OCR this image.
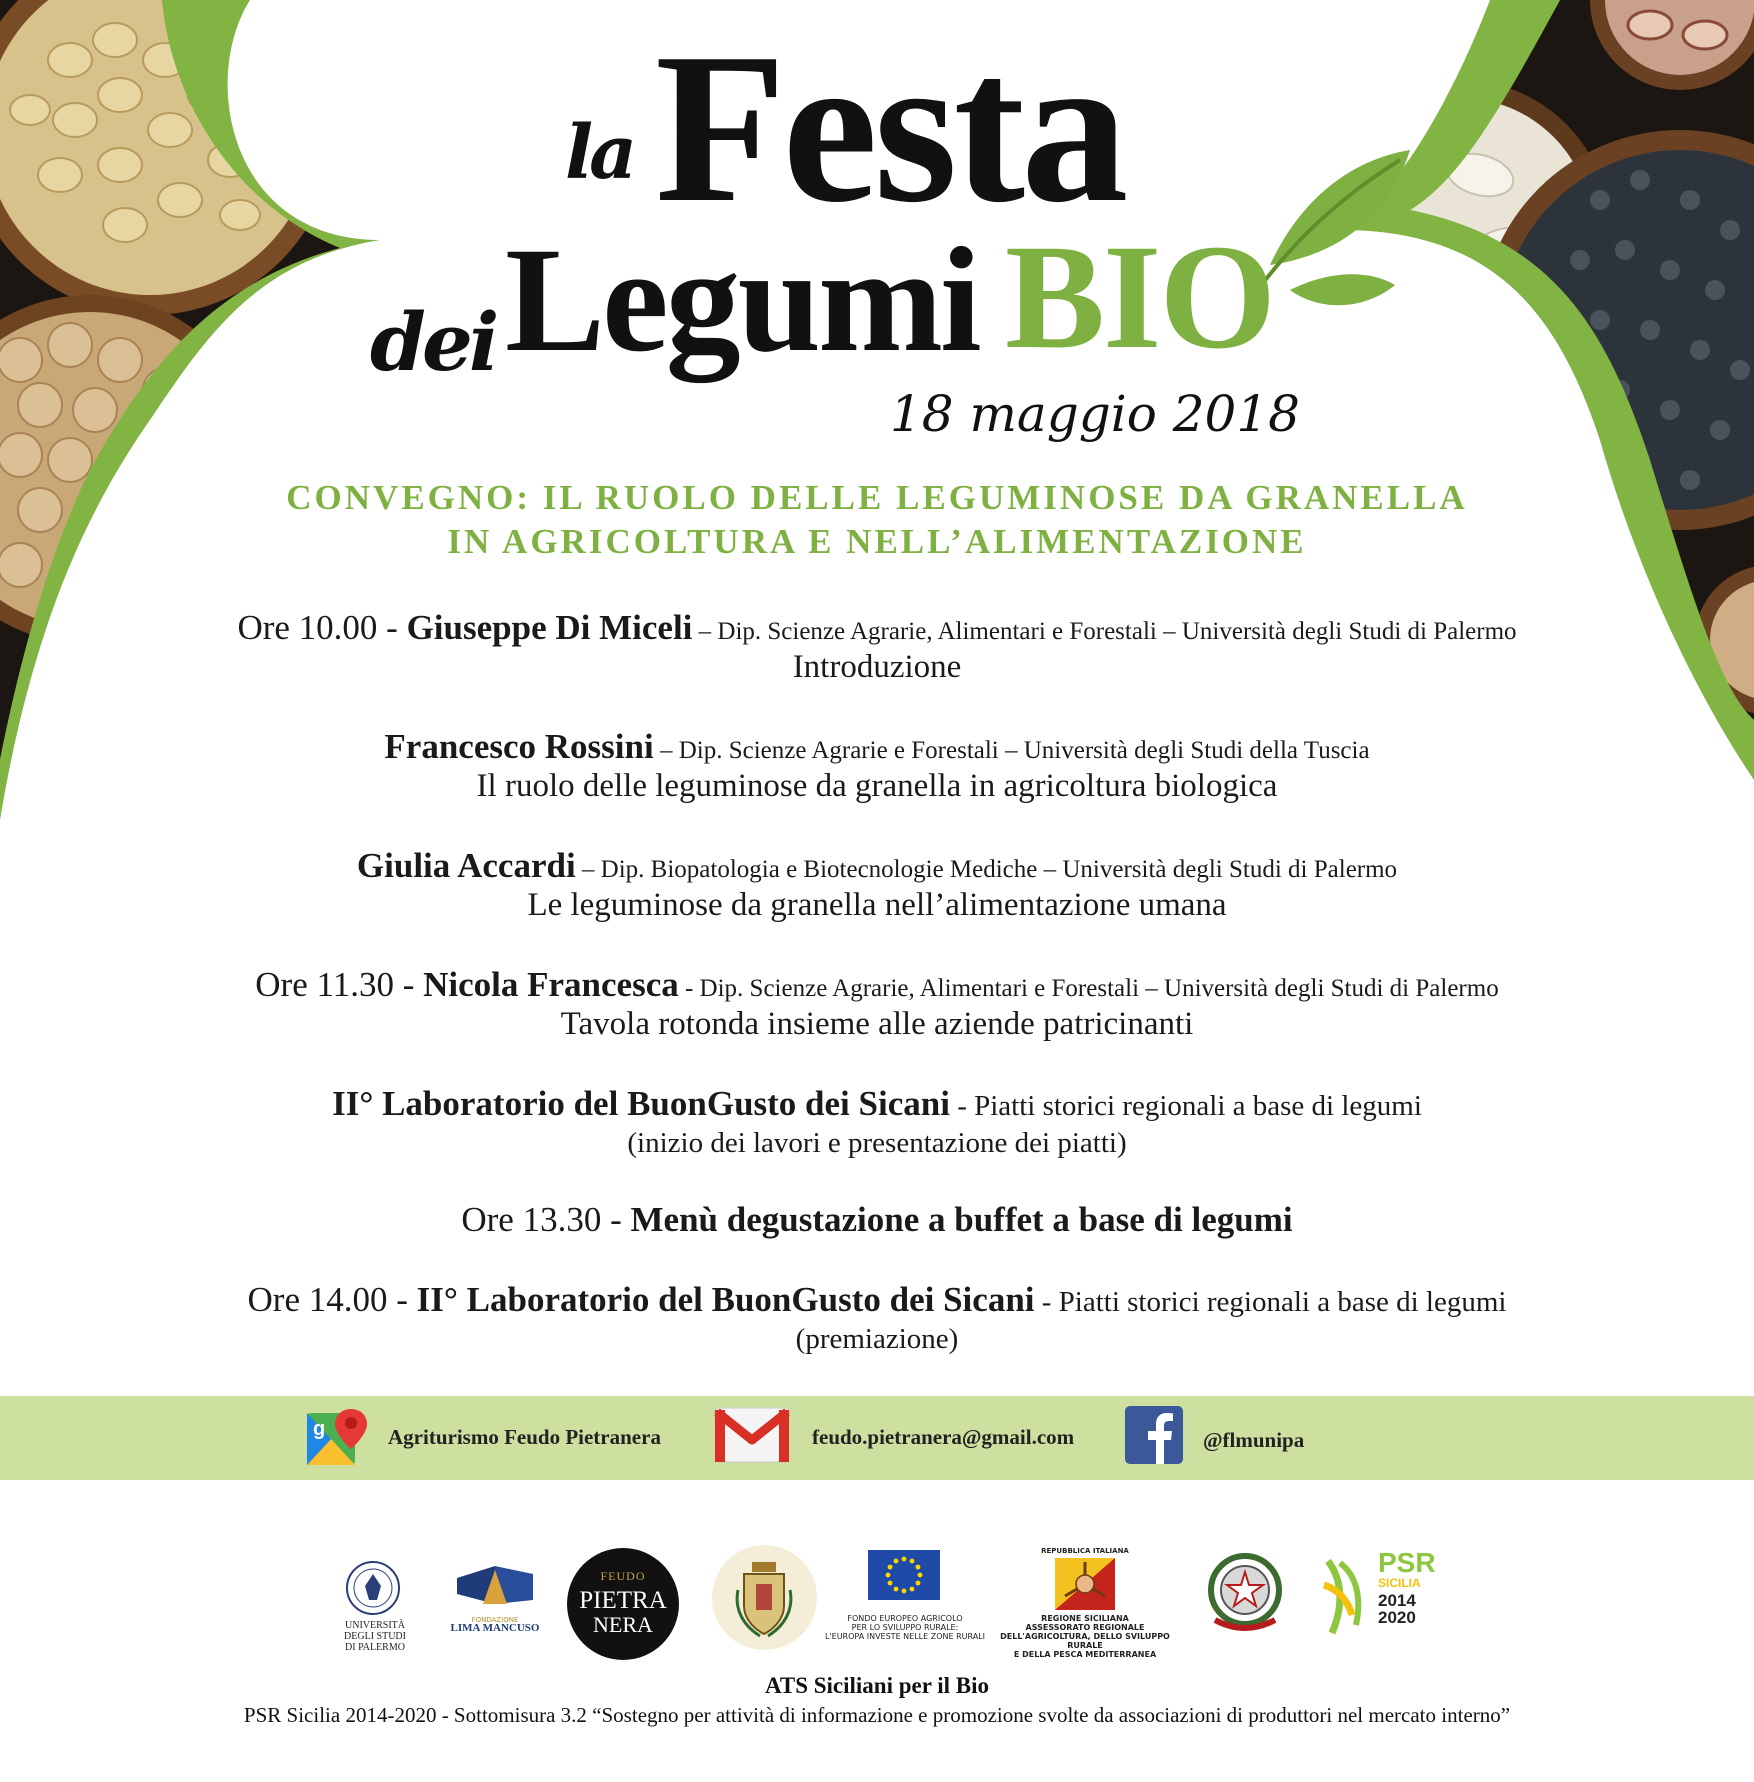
la Festa
dei Legumi BIO
18 maggio 2018
CONVEGNO: IL RUOLO DELLE LEGUMINOSE DA GRANELLA
IN AGRICOLTURA E NELL’ALIMENTAZIONE
Ore 10.00 - Giuseppe Di Miceli – Dip. Scienze Agrarie, Alimentari e Forestali – Università degli Studi di Palermo
Introduzione
Francesco Rossini – Dip. Scienze Agrarie e Forestali – Università degli Studi della Tuscia
Il ruolo delle leguminose da granella in agricoltura biologica
Giulia Accardi – Dip. Biopatologia e Biotecnologie Mediche – Università degli Studi di Palermo
Le leguminose da granella nell’alimentazione umana
Ore 11.30 - Nicola Francesca - Dip. Scienze Agrarie, Alimentari e Forestali – Università degli Studi di Palermo
Tavola rotonda insieme alle aziende patricinanti
II° Laboratorio del BuonGusto dei Sicani - Piatti storici regionali a base di legumi
(inizio dei lavori e presentazione dei piatti)
Ore 13.30 - Menù degustazione a buffet a base di legumi
Ore 14.00 - II° Laboratorio del BuonGusto dei Sicani - Piatti storici regionali a base di legumi
(premiazione)
g	Agriturismo Feudo Pietranera	feudo.pietranera@gmail.com	@flmunipa
UNIVERSITÀ
DEGLI STUDI
DI PALERMO
FONDAZIONE
LIMA MANCUSO
FEUDO
PIETRA
NERA	FONDO EUROPEO AGRICOLO
PER LO SVILUPPO RURALE:
L'EUROPA INVESTE NELLE ZONE RURALI
REPUBBLICA ITALIANA
REGIONE SICILIANA
ASSESSORATO REGIONALE
DELL'AGRICOLTURA, DELLO SVILUPPO RURALE
E DELLA PESCA MEDITERRANEA
PSR
SICILIA
2014
2020
ATS Siciliani per il Bio
PSR Sicilia 2014-2020 - Sottomisura 3.2 “Sostegno per attività di informazione e promozione svolte da associazioni di produttori nel mercato interno”
